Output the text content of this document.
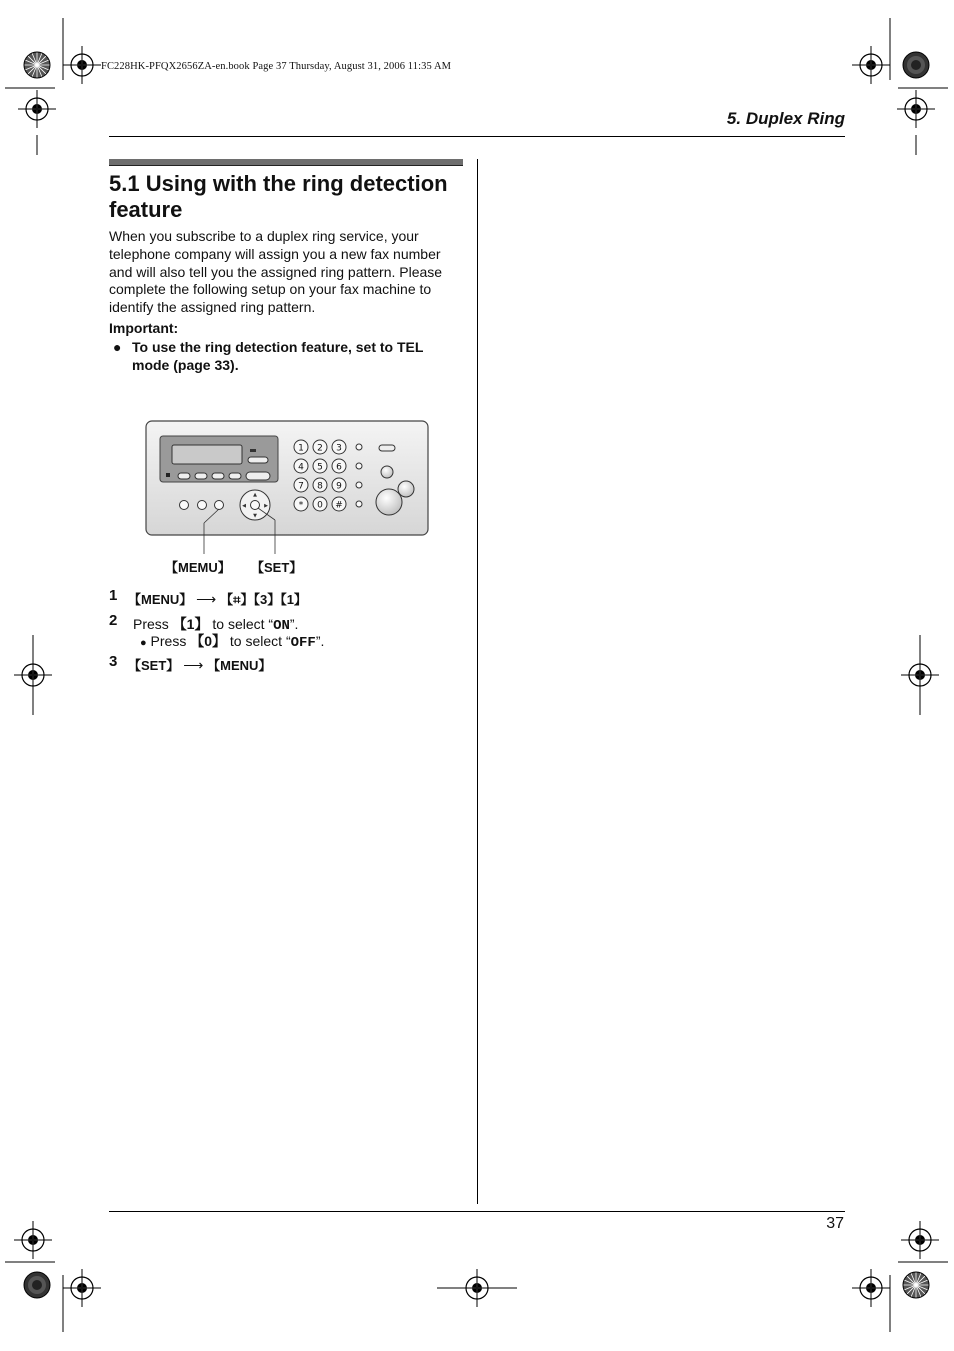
FC228HK-PFQX2656ZA-en.book Page 37 Thursday, August 31, 2006 11:35 AM
5. Duplex Ring
5.1 Using with the ring detection
feature
When you subscribe to a duplex ring service, your
telephone company will assign you a new fax number
and will also tell you the assigned ring pattern. Please
complete the following setup on your fax machine to
identify the assigned ring pattern.
Important:
● To use the ring detection feature, set to TEL
mode (page 33).
▲
▼
◀	▶
1 2 3
4 5 6
7 8 9
* 0 #
【MEMU】 【SET】
1 【MENU】 ⟶ 【⌗】【3】【1】
2 Press 【1】 to select “ON”.
● Press 【0】 to select “OFF”.
3 【SET】 ⟶ 【MENU】
37
